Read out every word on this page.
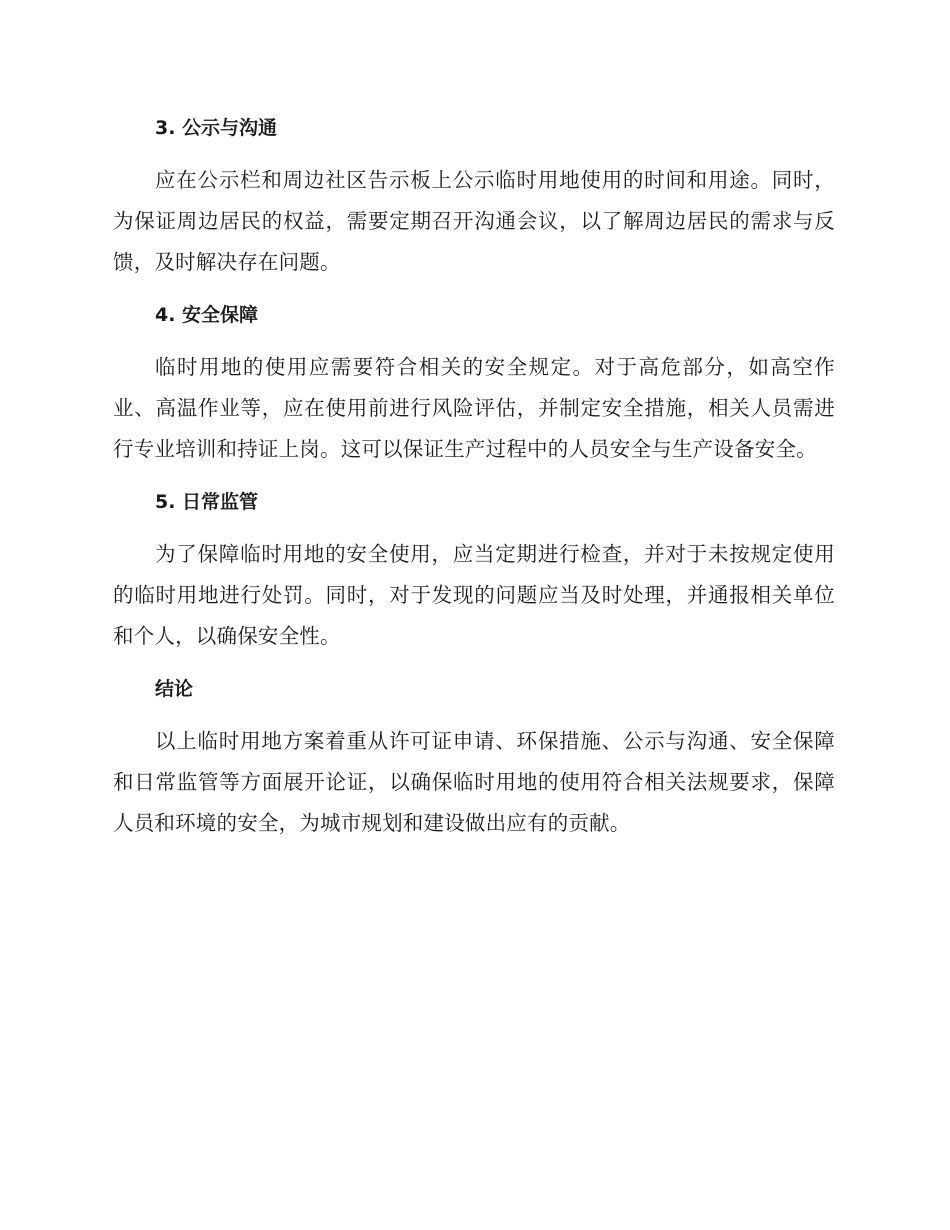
3. 公示与沟通

应在公示栏和周边社区告示板上公示临时用地使用的时间和用途。同时，为保证周边居民的权益，需要定期召开沟通会议，以了解周边居民的需求与反馈，及时解决存在问题。

4. 安全保障

临时用地的使用应需要符合相关的安全规定。对于高危部分，如高空作业、高温作业等，应在使用前进行风险评估，并制定安全措施，相关人员需进行专业培训和持证上岗。这可以保证生产过程中的人员安全与生产设备安全。

5. 日常监管

为了保障临时用地的安全使用，应当定期进行检查，并对于未按规定使用的临时用地进行处罚。同时，对于发现的问题应当及时处理，并通报相关单位和个人，以确保安全性。

结论

以上临时用地方案着重从许可证申请、环保措施、公示与沟通、安全保障和日常监管等方面展开论证，以确保临时用地的使用符合相关法规要求，保障人员和环境的安全，为城市规划和建设做出应有的贡献。
